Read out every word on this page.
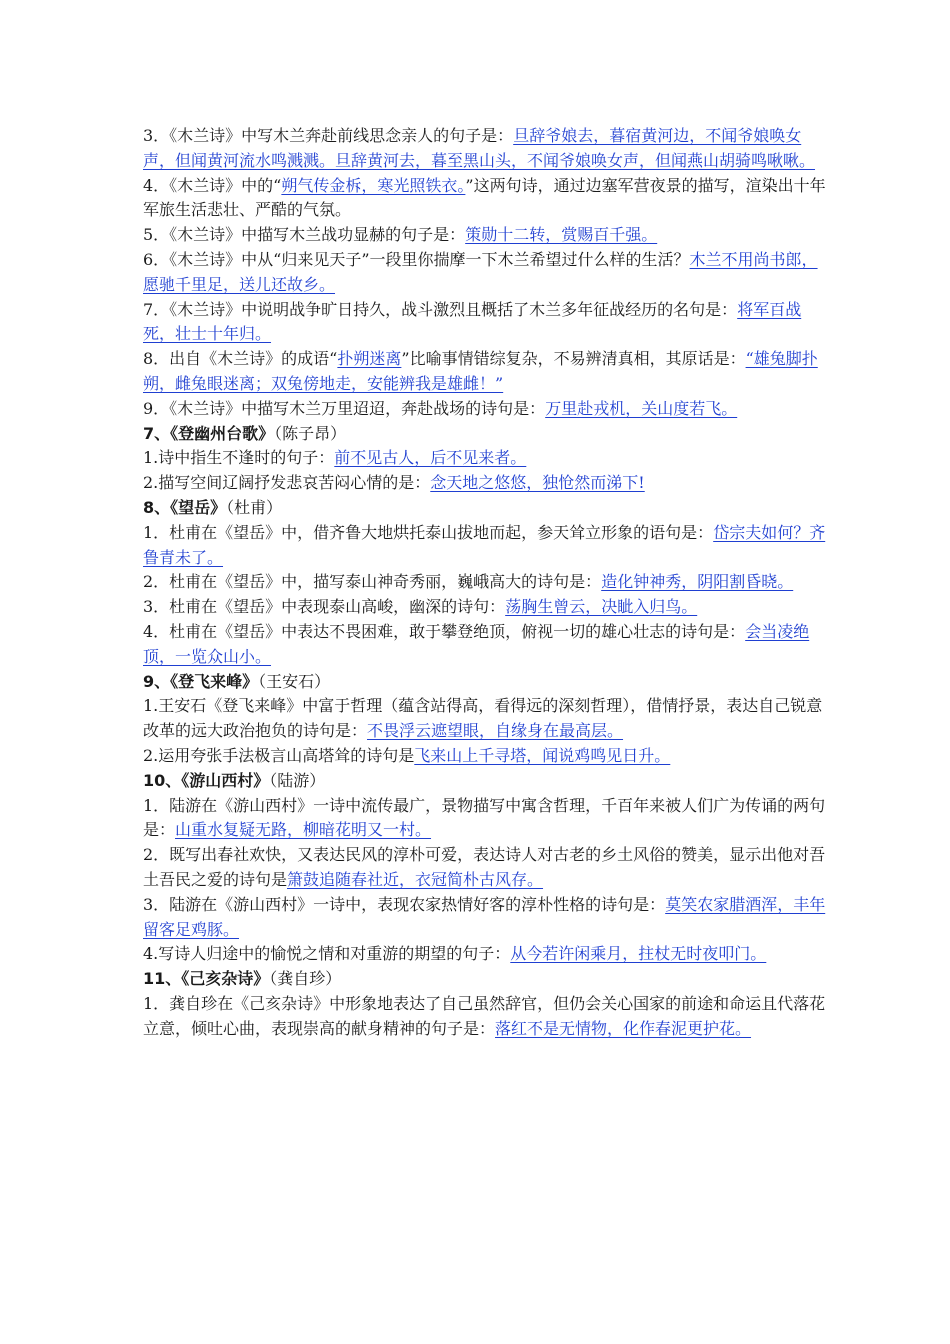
3．《木兰诗》中写木兰奔赴前线思念亲人的句子是：旦辞爷娘去，暮宿黄河边，不闻爷娘唤女声，但闻黄河流水鸣溅溅。旦辞黄河去，暮至黑山头，不闻爷娘唤女声，但闻燕山胡骑鸣啾啾。

4．《木兰诗》中的“朔气传金柝，寒光照铁衣。”这两句诗，通过边塞军营夜景的描写，渲染出十年军旅生活悲壮、严酷的气氛。

5．《木兰诗》中描写木兰战功显赫的句子是：策勋十二转，赏赐百千强。

6．《木兰诗》中从“归来见天子”一段里你揣摩一下木兰希望过什么样的生活？木兰不用尚书郎，愿驰千里足，送儿还故乡。

7．《木兰诗》中说明战争旷日持久，战斗激烈且概括了木兰多年征战经历的名句是：将军百战死，壮士十年归。

8．出自《木兰诗》的成语“扑朔迷离”比喻事情错综复杂，不易辨清真相，其原话是：“雄兔脚扑朔，雌兔眼迷离；双兔傍地走，安能辨我是雄雌！”

9．《木兰诗》中描写木兰万里迢迢，奔赴战场的诗句是：万里赴戎机，关山度若飞。

7、《登幽州台歌》（陈子昂）

1.诗中指生不逢时的句子：前不见古人，后不见来者。

2.描写空间辽阔抒发悲哀苦闷心情的是：念天地之悠悠，独怆然而涕下!

8、《望岳》（杜甫）

1．杜甫在《望岳》中，借齐鲁大地烘托泰山拔地而起，参天耸立形象的语句是：岱宗夫如何？齐鲁青未了。

2．杜甫在《望岳》中，描写泰山神奇秀丽，巍峨高大的诗句是：造化钟神秀，阴阳割昏晓。

3．杜甫在《望岳》中表现泰山高峻，幽深的诗句：荡胸生曾云，决眦入归鸟。

4．杜甫在《望岳》中表达不畏困难，敢于攀登绝顶，俯视一切的雄心壮志的诗句是：会当凌绝顶，一览众山小。

9、《登飞来峰》（王安石）

1.王安石《登飞来峰》中富于哲理（蕴含站得高，看得远的深刻哲理），借情抒景，表达自己锐意改革的远大政治抱负的诗句是：不畏浮云遮望眼，自缘身在最高层。

2.运用夸张手法极言山高塔耸的诗句是飞来山上千寻塔，闻说鸡鸣见日升。

10、《游山西村》（陆游）

1．陆游在《游山西村》一诗中流传最广，景物描写中寓含哲理，千百年来被人们广为传诵的两句是：山重水复疑无路，柳暗花明又一村。

2．既写出春社欢快，又表达民风的淳朴可爱，表达诗人对古老的乡土风俗的赞美，显示出他对吾土吾民之爱的诗句是箫鼓追随春社近，衣冠简朴古风存。

3．陆游在《游山西村》一诗中，表现农家热情好客的淳朴性格的诗句是：莫笑农家腊酒浑，丰年留客足鸡豚。

4.写诗人归途中的愉悦之情和对重游的期望的句子：从今若许闲乘月，拄杖无时夜叩门。

11、《己亥杂诗》（龚自珍）

1．龚自珍在《己亥杂诗》中形象地表达了自己虽然辞官，但仍会关心国家的前途和命运且代落花立意，倾吐心曲，表现崇高的献身精神的句子是：落红不是无情物，化作春泥更护花。
